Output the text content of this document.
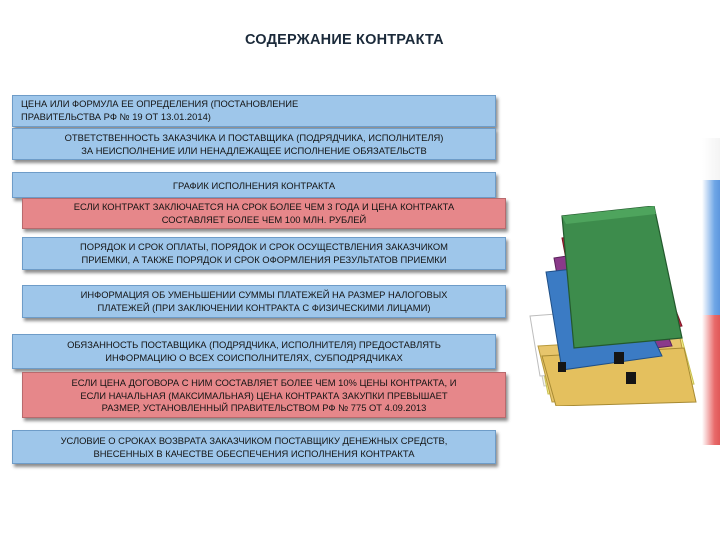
СОДЕРЖАНИЕ КОНТРАКТА
ЦЕНА ИЛИ ФОРМУЛА ЕЕ ОПРЕДЕЛЕНИЯ (ПОСТАНОВЛЕНИЕ
ПРАВИТЕЛЬСТВА РФ № 19 ОТ 13.01.2014)
ОТВЕТСТВЕННОСТЬ ЗАКАЗЧИКА И ПОСТАВЩИКА (ПОДРЯДЧИКА, ИСПОЛНИТЕЛЯ)
ЗА НЕИСПОЛНЕНИЕ ИЛИ НЕНАДЛЕЖАЩЕЕ ИСПОЛНЕНИЕ ОБЯЗАТЕЛЬСТВ
ГРАФИК ИСПОЛНЕНИЯ КОНТРАКТА
ЕСЛИ КОНТРАКТ ЗАКЛЮЧАЕТСЯ НА СРОК БОЛЕЕ ЧЕМ 3 ГОДА И ЦЕНА КОНТРАКТА
СОСТАВЛЯЕТ БОЛЕЕ ЧЕМ 100 МЛН. РУБЛЕЙ
ПОРЯДОК И СРОК ОПЛАТЫ, ПОРЯДОК И СРОК ОСУЩЕСТВЛЕНИЯ ЗАКАЗЧИКОМ
ПРИЕМКИ, А ТАКЖЕ ПОРЯДОК И СРОК ОФОРМЛЕНИЯ РЕЗУЛЬТАТОВ ПРИЕМКИ
ИНФОРМАЦИЯ ОБ УМЕНЬШЕНИИ СУММЫ ПЛАТЕЖЕЙ НА РАЗМЕР НАЛОГОВЫХ
ПЛАТЕЖЕЙ (ПРИ ЗАКЛЮЧЕНИИ КОНТРАКТА С ФИЗИЧЕСКИМИ ЛИЦАМИ)
ОБЯЗАННОСТЬ ПОСТАВЩИКА (ПОДРЯДЧИКА, ИСПОЛНИТЕЛЯ) ПРЕДОСТАВЛЯТЬ
ИНФОРМАЦИЮ О ВСЕХ СОИСПОЛНИТЕЛЯХ, СУБПОДРЯДЧИКАХ
ЕСЛИ ЦЕНА ДОГОВОРА С НИМ СОСТАВЛЯЕТ БОЛЕЕ ЧЕМ 10% ЦЕНЫ КОНТРАКТА, И
ЕСЛИ НАЧАЛЬНАЯ (МАКСИМАЛЬНАЯ) ЦЕНА КОНТРАКТА ЗАКУПКИ ПРЕВЫШАЕТ
РАЗМЕР, УСТАНОВЛЕННЫЙ ПРАВИТЕЛЬСТВОМ РФ № 775 ОТ 4.09.2013
УСЛОВИЕ О СРОКАХ ВОЗВРАТА ЗАКАЗЧИКОМ ПОСТАВЩИКУ ДЕНЕЖНЫХ СРЕДСТВ,
ВНЕСЕННЫХ В КАЧЕСТВЕ ОБЕСПЕЧЕНИЯ ИСПОЛНЕНИЯ КОНТРАКТА
